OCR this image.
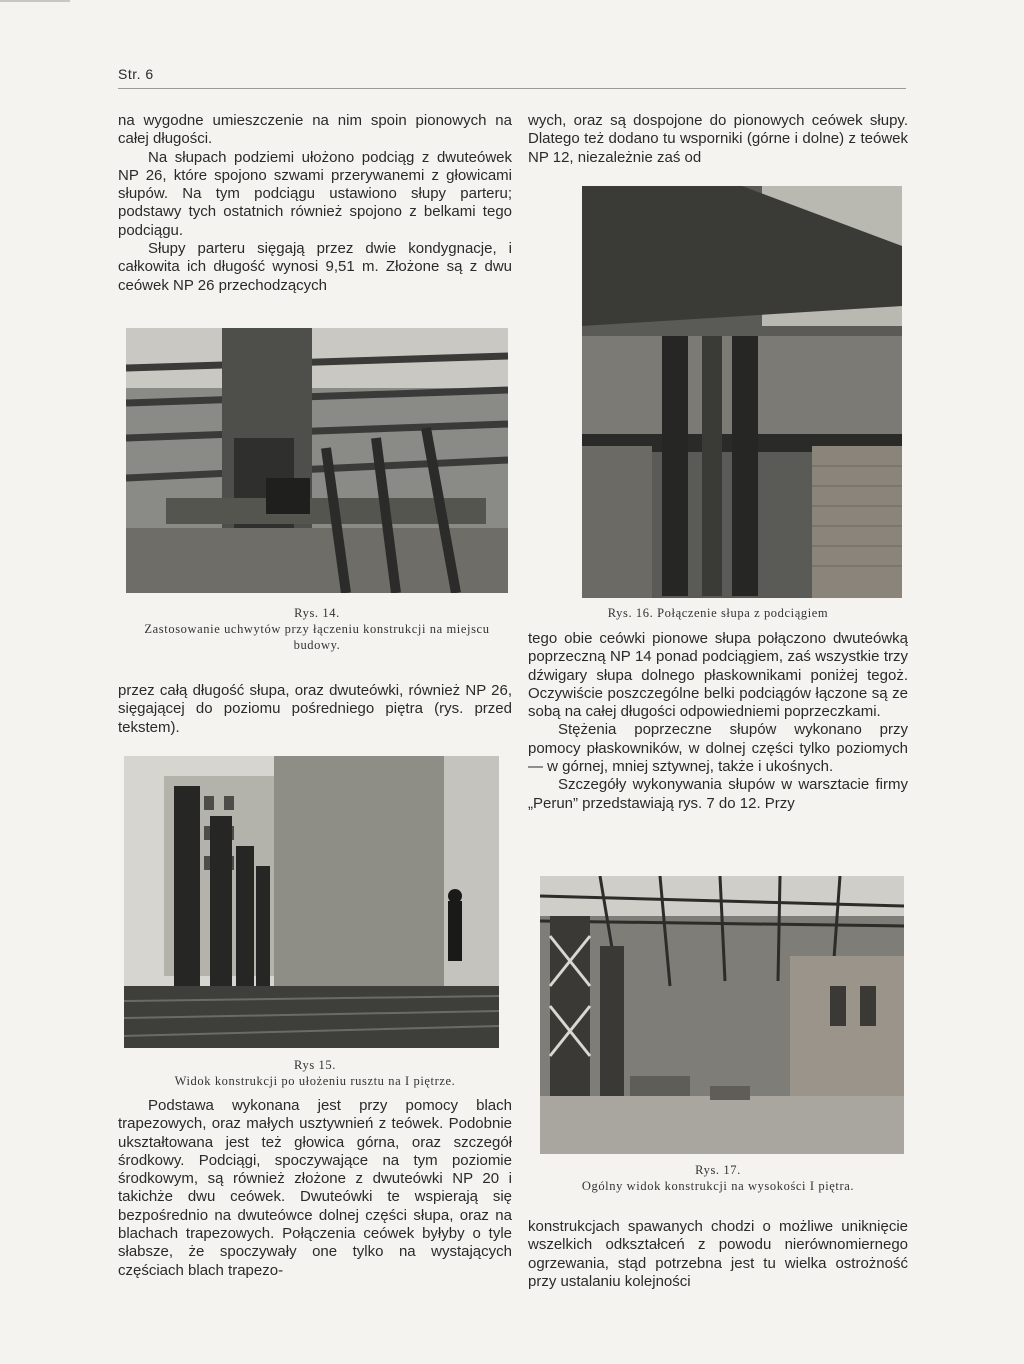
Str. 6

na wygodne umieszczenie na nim spoin pionowych na całej długości.

Na słupach podziemi ułożono podciąg z dwuteówek NP 26, które spojono szwami przerywanemi z głowicami słupów. Na tym podciągu ustawiono słupy parteru; podstawy tych ostatnich również spojono z belkami tego podciągu.

Słupy parteru sięgają przez dwie kondygnacje, i całkowita ich długość wynosi 9,51 m. Złożone są z dwu ceówek NP 26 przechodzących

Rys. 14.
Zastosowanie uchwytów przy łączeniu konstrukcji na miejscu budowy.

przez całą długość słupa, oraz dwuteówki, również NP 26, sięgającej do poziomu pośredniego piętra (rys. przed tekstem).

Rys 15.
Widok konstrukcji po ułożeniu rusztu na I piętrze.

Podstawa wykonana jest przy pomocy blach trapezowych, oraz małych usztywnień z teówek. Podobnie ukształtowana jest też głowica górna, oraz szczegół środkowy. Podciągi, spoczywające na tym poziomie środkowym, są również złożone z dwuteówki NP 20 i takichże dwu ceówek. Dwuteówki te wspierają się bezpośrednio na dwuteówce dolnej części słupa, oraz na blachach trapezowych. Połączenia ceówek byłyby o tyle słabsze, że spoczywały one tylko na wystających częściach blach trapezo-

wych, oraz są dospojone do pionowych ceówek słupy. Dlatego też dodano tu wsporniki (górne i dolne) z teówek NP 12, niezależnie zaś od

Rys. 16. Połączenie słupa z podciągiem

tego obie ceówki pionowe słupa połączono dwuteówką poprzeczną NP 14 ponad podciągiem, zaś wszystkie trzy dźwigary słupa dolnego płaskownikami poniżej tegoż. Oczywiście poszczególne belki podciągów łączone są ze sobą na całej długości odpowiedniemi poprzeczkami.

Stężenia poprzeczne słupów wykonano przy pomocy płaskowników, w dolnej części tylko poziomych — w górnej, mniej sztywnej, także i ukośnych.

Szczegóły wykonywania słupów w warsztacie firmy „Perun” przedstawiają rys. 7 do 12. Przy

Rys. 17.
Ogólny widok konstrukcji na wysokości I piętra.

konstrukcjach spawanych chodzi o możliwe uniknięcie wszelkich odkształceń z powodu nierównomiernego ogrzewania, stąd potrzebna jest tu wielka ostrożność przy ustalaniu kolejności
